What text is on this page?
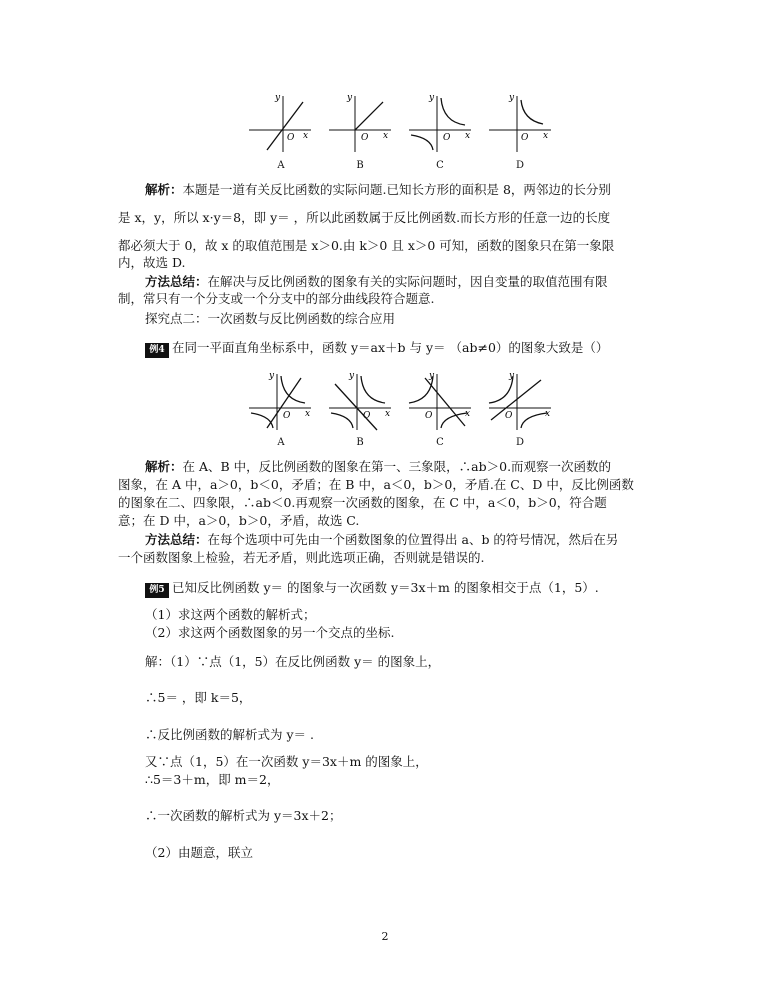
y
x
O
y
x
O
y
x
O
y
x
O
A	B	C	D
解析：本题是一道有关反比函数的实际问题.已知长方形的面积是 8，两邻边的长分别
是 x，y，所以 x·y＝8，即 y＝ ，所以此函数属于反比例函数.而长方形的任意一边的长度
都必须大于 0，故 x 的取值范围是 x＞0.由 k＞0 且 x＞0 可知，函数的图象只在第一象限
内，故选 D.
方法总结：在解决与反比例函数的图象有关的实际问题时，因自变量的取值范围有限
制，常只有一个分支或一个分支中的部分曲线段符合题意.
探究点二：一次函数与反比例函数的综合应用
例4 在同一平面直角坐标系中，函数 y＝ax＋b 与 y＝ （ab≠0）的图象大致是（）
y
x
O
y
x
O
y
x
O
y
x
O
A	B	C	D
解析：在 A、B 中，反比例函数的图象在第一、三象限，∴ab＞0.而观察一次函数的
图象，在 A 中，a＞0，b＜0，矛盾；在 B 中，a＜0，b＞0，矛盾.在 C、D 中，反比例函数
的图象在二、四象限，∴ab＜0.再观察一次函数的图象，在 C 中，a＜0，b＞0，符合题
意；在 D 中，a＞0，b＞0，矛盾，故选 C.
方法总结：在每个选项中可先由一个函数图象的位置得出 a、b 的符号情况，然后在另
一个函数图象上检验，若无矛盾，则此选项正确，否则就是错误的.
例5 已知反比例函数 y＝ 的图象与一次函数 y＝3x＋m 的图象相交于点（1，5）.
（1）求这两个函数的解析式；
（2）求这两个函数图象的另一个交点的坐标.
解：（1）∵点（1，5）在反比例函数 y＝ 的图象上，
∴5＝ ，即 k＝5，
∴反比例函数的解析式为 y＝ .
又∵点（1，5）在一次函数 y＝3x＋m 的图象上，
∴5＝3＋m，即 m＝2，
∴一次函数的解析式为 y＝3x＋2；
（2）由题意，联立
2
